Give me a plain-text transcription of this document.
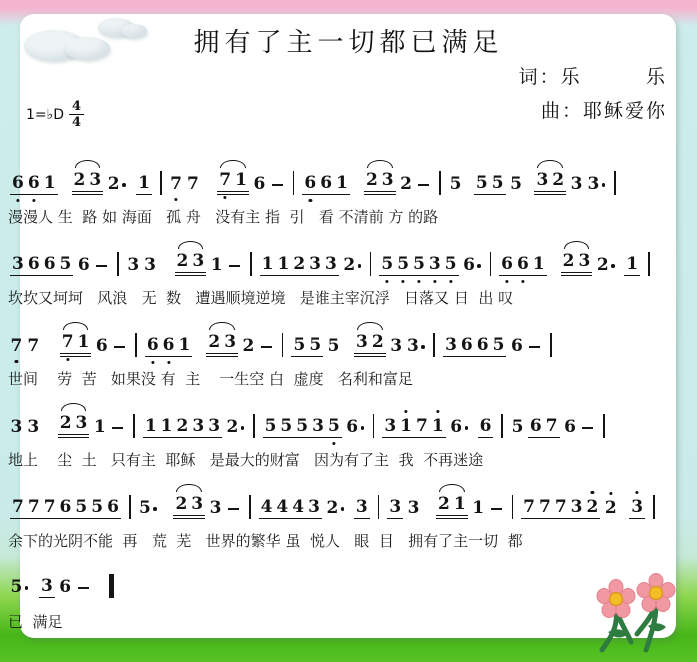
拥有了主一切都已满足
词：乐        乐
曲：耶稣爱你
1=♭D $\frac{4}{4}$
6 6 1 2 3 2 1 7 7 7 1 6 6 6 1 2 3 2 5 5 5 5 3 2 3 3
漫漫人 生  路 如 海面   孤 舟   没有主 指  引   看 不清前 方 的路
3 6 6 5 6 3 3 2 3 1 1 1 2 3 3 2 5 5 5 3 5 6 6 6 1 2 3 2 1
坎坎又坷坷   风浪   无  数   遭遇顺境逆境   是谁主宰沉浮   日落又 日  出 叹
7 7 7 1 6 6 6 1 2 3 2 5 5 5 3 2 3 3 3 6 6 5 6
世间    劳  苦   如果没 有  主    一生空 白  虚度   名利和富足
3 3 2 3 1 1 1 2 3 3 2 5 5 5 3 5 6 3 1 7 1 6 6 5 6 7 6
地上    尘  土   只有主  耶稣   是最大的财富   因为有了主  我  不再迷途
7 7 7 6 5 5 6 5 2 3 3 4 4 4 3 2 3 3 3 2 1 1 7 7 7 3 2 2 3
余下的光阴不能  再   荒  芜   世界的繁华 虽  悦人   眼  目   拥有了主一切  都
5 3 6
已  满足
